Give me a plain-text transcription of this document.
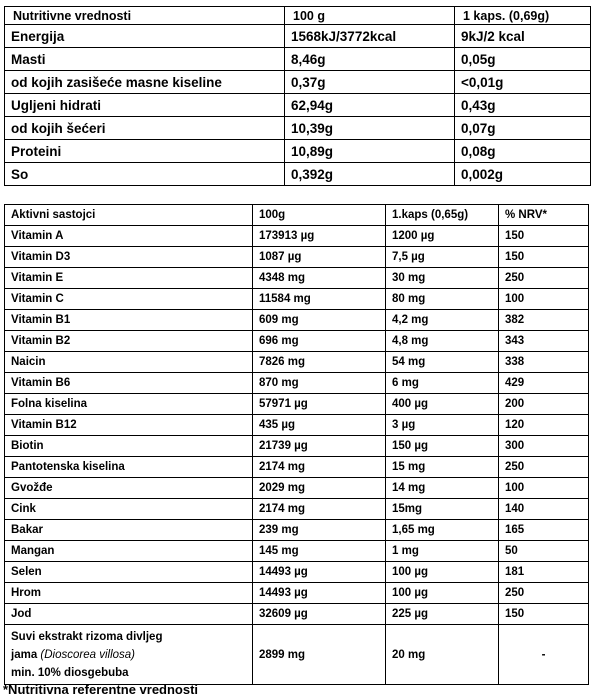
Nutritivne vrednosti	100 g	1 kaps. (0,69g)
Energija	1568kJ/3772kcal	9kJ/2 kcal
Masti	8,46g	0,05g
od kojih zasišeće masne kiseline	0,37g	<0,01g
Ugljeni hidrati	62,94g	0,43g
od kojih šećeri	10,39g	0,07g
Proteini	10,89g	0,08g
So	0,392g	0,002g
Aktivni sastojci	100g	1.kaps (0,65g)	% NRV*
Vitamin A	173913 µg	1200 µg	150
Vitamin D3	1087 µg	7,5 µg	150
Vitamin E	4348 mg	30 mg	250
Vitamin C	11584 mg	80 mg	100
Vitamin B1	609 mg	4,2 mg	382
Vitamin B2	696 mg	4,8 mg	343
Naicin	7826 mg	54 mg	338
Vitamin B6	870 mg	6 mg	429
Folna kiselina	57971 µg	400 µg	200
Vitamin B12	435 µg	3 µg	120
Biotin	21739 µg	150 µg	300
Pantotenska kiselina	2174 mg	15 mg	250
Gvožđe	2029 mg	14 mg	100
Cink	2174 mg	15mg	140
Bakar	239 mg	1,65 mg	165
Mangan	145 mg	1 mg	50
Selen	14493 µg	100 µg	181
Hrom	14493 µg	100 µg	250
Jod	32609 µg	225 µg	150
Suvi ekstrakt rizoma divljeg
jama (Dioscorea villosa)
min. 10% diosgebuba	2899 mg	20 mg	-
*Nutritivna referentne vrednosti
